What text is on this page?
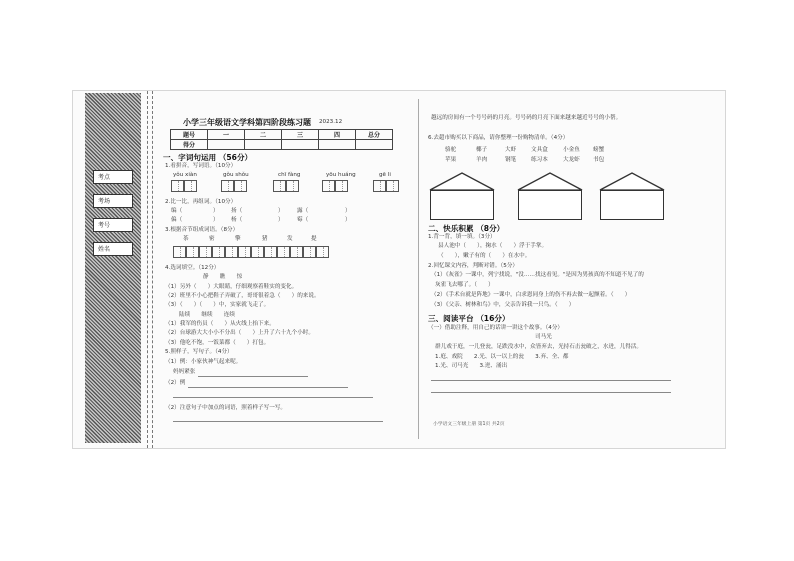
考点
考场
考号
姓名
小学三年级语文学科第四阶段练习题 2023.12
题号	一	二	三	四	总分
得分					
一、字词句运用 （56分）
1.看拼音，写词语。（10分）
yǒu xiàn	gǒu shǒu	chī fàng	yōu huáng	gē li
2.比一比，再组词。（10分）
编（	） 扬（	） 露（	）
偏（	） 杨（	） 霉（	）
3.根据音节组成词语。（8分）
茶	密	擎	猪	发	提
4.选词填空。（12分）
静　　瞧　　惊
（1）另外（　　）大眼睛，仔细观察着鞋实的变化。
（2）班里不小心把鞋子弄破了，哥哥很着急（　　）的来说。
（3）（　　）（　　）中，实家就飞走了。
陆续　　继续　　连续
（1）我军的伤员（　　）从火线上抬下来。
（2）台球游大大小小不分出（　　）上升了六十九个小时。
（3）他吃不饱，一饭菜都（　　）打包。
5.照样子，写句子。（4分）
（1）例：小家伙神气起来呢。
妈妈紧张
（2）例
（2）注意句子中加点的词语，照着样子写一写。
越远的房间有一个号号码的月亮。号号码的月亮下面来越来越近号号的小帮。
6.去超市购买以下商品，请你整理一份购物清单。（4分）
骆驼	椰子	大虾	文具盒	小金鱼 螃蟹
苹果	羊肉	钢笔	练习本	大龙虾 书包
二、快乐积累 （8分）
1.背一背，填一填。（3分）
县人池中（　　），掬水（　　）浮于手掌。
（　　），嫩子有的（　　）在水中。
2.回忆课文内容，判断对错。（5分）
（1）《灰雀》一课中，列宁找说，"没……找这看见。"是因为男孩真的不知道不见了的
灰雀飞去哪了。（　　）
（2）《手术台就是阵地》一课中，白求恩同身上的伤不再去做一起颤着。（　　）
（3）《父亲、树林和鸟》中，父亲告诉我一只鸟。（　　）
三、阅读平台 （16分）
（一）借助注释，用自己的话讲一讲这个故事。（4分）
司马光
群儿戏于庭，一儿登瓮，足跌没水中，众皆弃去，光持石击瓮破之，水迸，儿得活。
1.庭、戏院　　2.光、以一以上的瓮　　3.弃、全、都
1.光、司马光　　3.迸、涌出
小学语文三年级上册 第1页 共2页
